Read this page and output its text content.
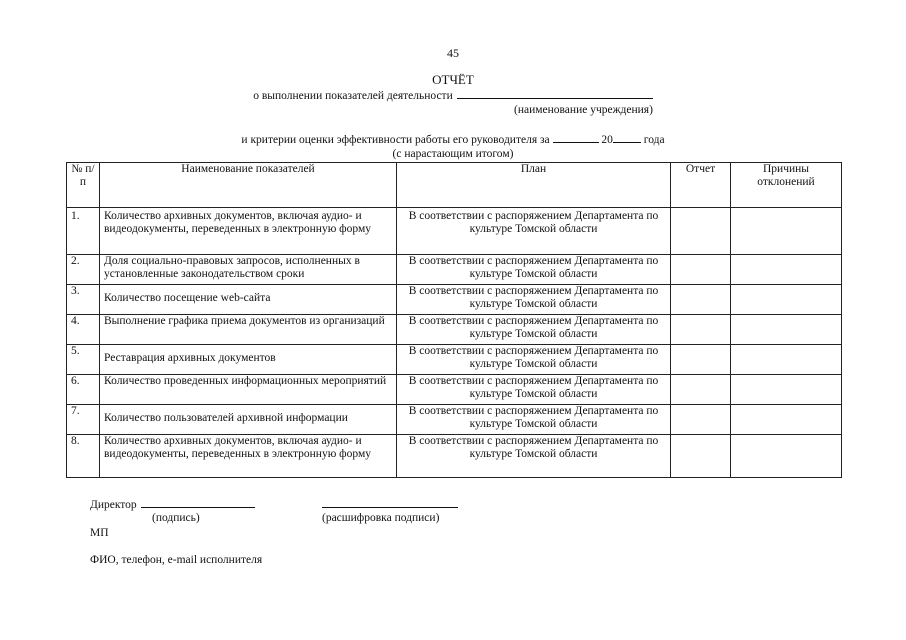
45
ОТЧЁТ
о выполнении показателей деятельности
(наименование учреждения)
и критерии оценки эффективности работы его руководителя за	20	года
(с нарастающим итогом)
№ п/п	Наименование показателей	План	Отчет	Причины отклонений
1.	Количество архивных документов, включая аудио- и видеодокументы, переведенных в электронную форму	В соответствии с распоряжением Департамента по культуре Томской области		
2.	Доля социально-правовых запросов, исполненных в установленные законодательством сроки	В соответствии с распоряжением Департамента по культуре Томской области		
3.	Количество посещение web-сайта	В соответствии с распоряжением Департамента по культуре Томской области		
4.	Выполнение графика приема документов из организаций	В соответствии с распоряжением Департамента по культуре Томской области		
5.	Реставрация архивных документов	В соответствии с распоряжением Департамента по культуре Томской области		
6.	Количество проведенных информационных мероприятий	В соответствии с распоряжением Департамента по культуре Томской области		
7.	Количество пользователей архивной информации	В соответствии с распоряжением Департамента по культуре Томской области		
8.	Количество архивных документов, включая аудио- и видеодокументы, переведенных в электронную форму	В соответствии с распоряжением Департамента по культуре Томской области		
Директор
(подпись)	(расшифровка подписи)
МП
ФИО, телефон, e-mail исполнителя
